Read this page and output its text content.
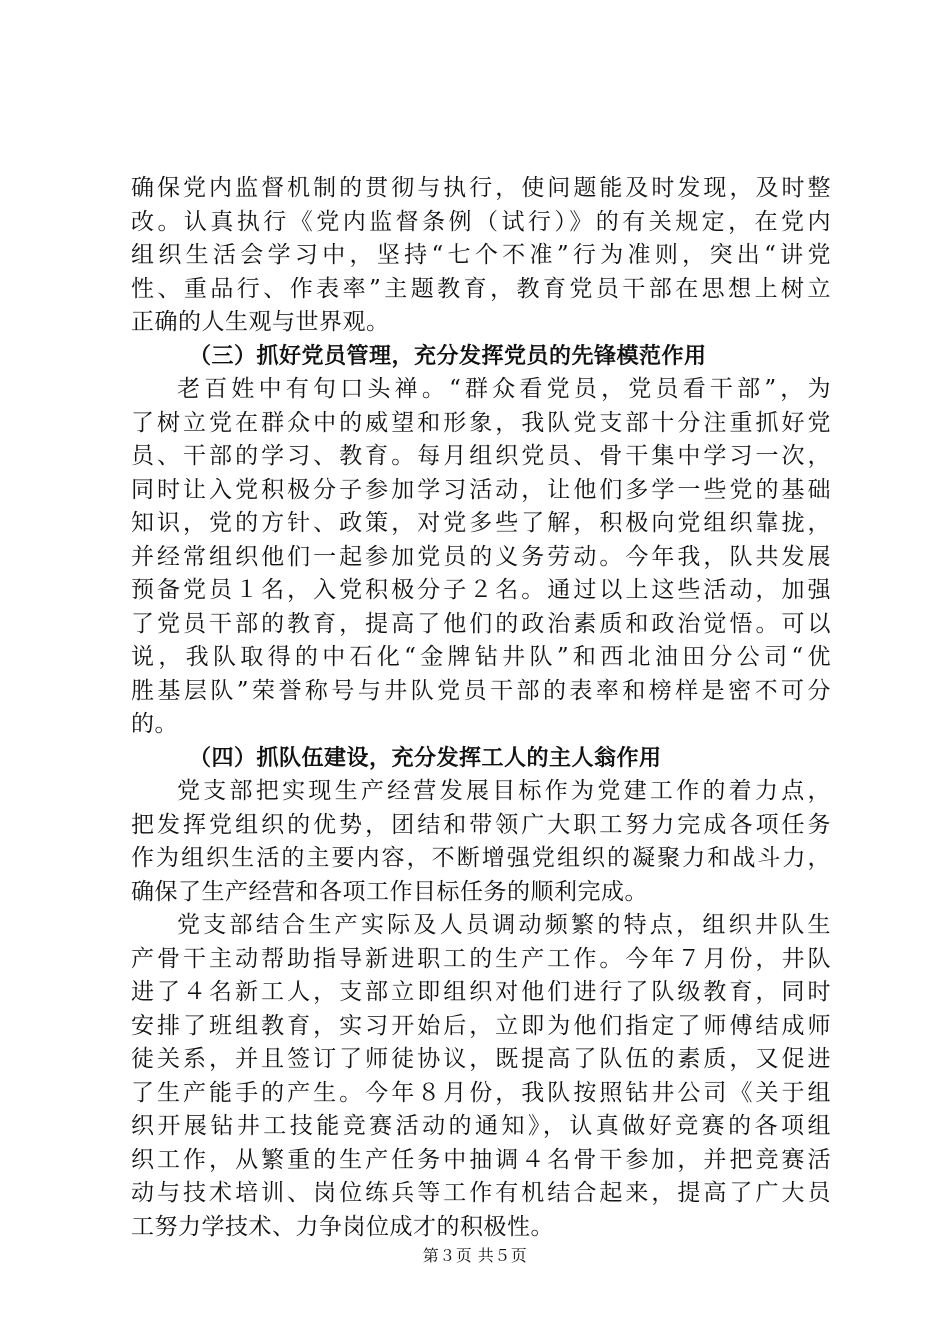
确保党内监督机制的贯彻与执行，使问题能及时发现，及时整
改。认真执行《党内监督条例（试行）》的有关规定，在党内
组织生活会学习中，坚持“七个不准”行为准则，突出“讲党
性、重品行、作表率”主题教育，教育党员干部在思想上树立
正确的人生观与世界观。
（三）抓好党员管理，充分发挥党员的先锋模范作用
老百姓中有句口头禅。“群众看党员，党员看干部”，为
了树立党在群众中的威望和形象，我队党支部十分注重抓好党
员、干部的学习、教育。每月组织党员、骨干集中学习一次，
同时让入党积极分子参加学习活动，让他们多学一些党的基础
知识，党的方针、政策，对党多些了解，积极向党组织靠拢，
并经常组织他们一起参加党员的义务劳动。今年我，队共发展
预备党员１名，入党积极分子２名。通过以上这些活动，加强
了党员干部的教育，提高了他们的政治素质和政治觉悟。可以
说，我队取得的中石化“金牌钻井队”和西北油田分公司“优
胜基层队”荣誉称号与井队党员干部的表率和榜样是密不可分
的。
（四）抓队伍建设，充分发挥工人的主人翁作用
党支部把实现生产经营发展目标作为党建工作的着力点，
把发挥党组织的优势，团结和带领广大职工努力完成各项任务
作为组织生活的主要内容，不断增强党组织的凝聚力和战斗力，
确保了生产经营和各项工作目标任务的顺利完成。
党支部结合生产实际及人员调动频繁的特点，组织井队生
产骨干主动帮助指导新进职工的生产工作。今年７月份，井队
进了４名新工人，支部立即组织对他们进行了队级教育，同时
安排了班组教育，实习开始后，立即为他们指定了师傅结成师
徒关系，并且签订了师徒协议，既提高了队伍的素质，又促进
了生产能手的产生。今年８月份，我队按照钻井公司《关于组
织开展钻井工技能竞赛活动的通知》，认真做好竞赛的各项组
织工作，从繁重的生产任务中抽调４名骨干参加，并把竞赛活
动与技术培训、岗位练兵等工作有机结合起来，提高了广大员
工努力学技术、力争岗位成才的积极性。
第３页 共５页
